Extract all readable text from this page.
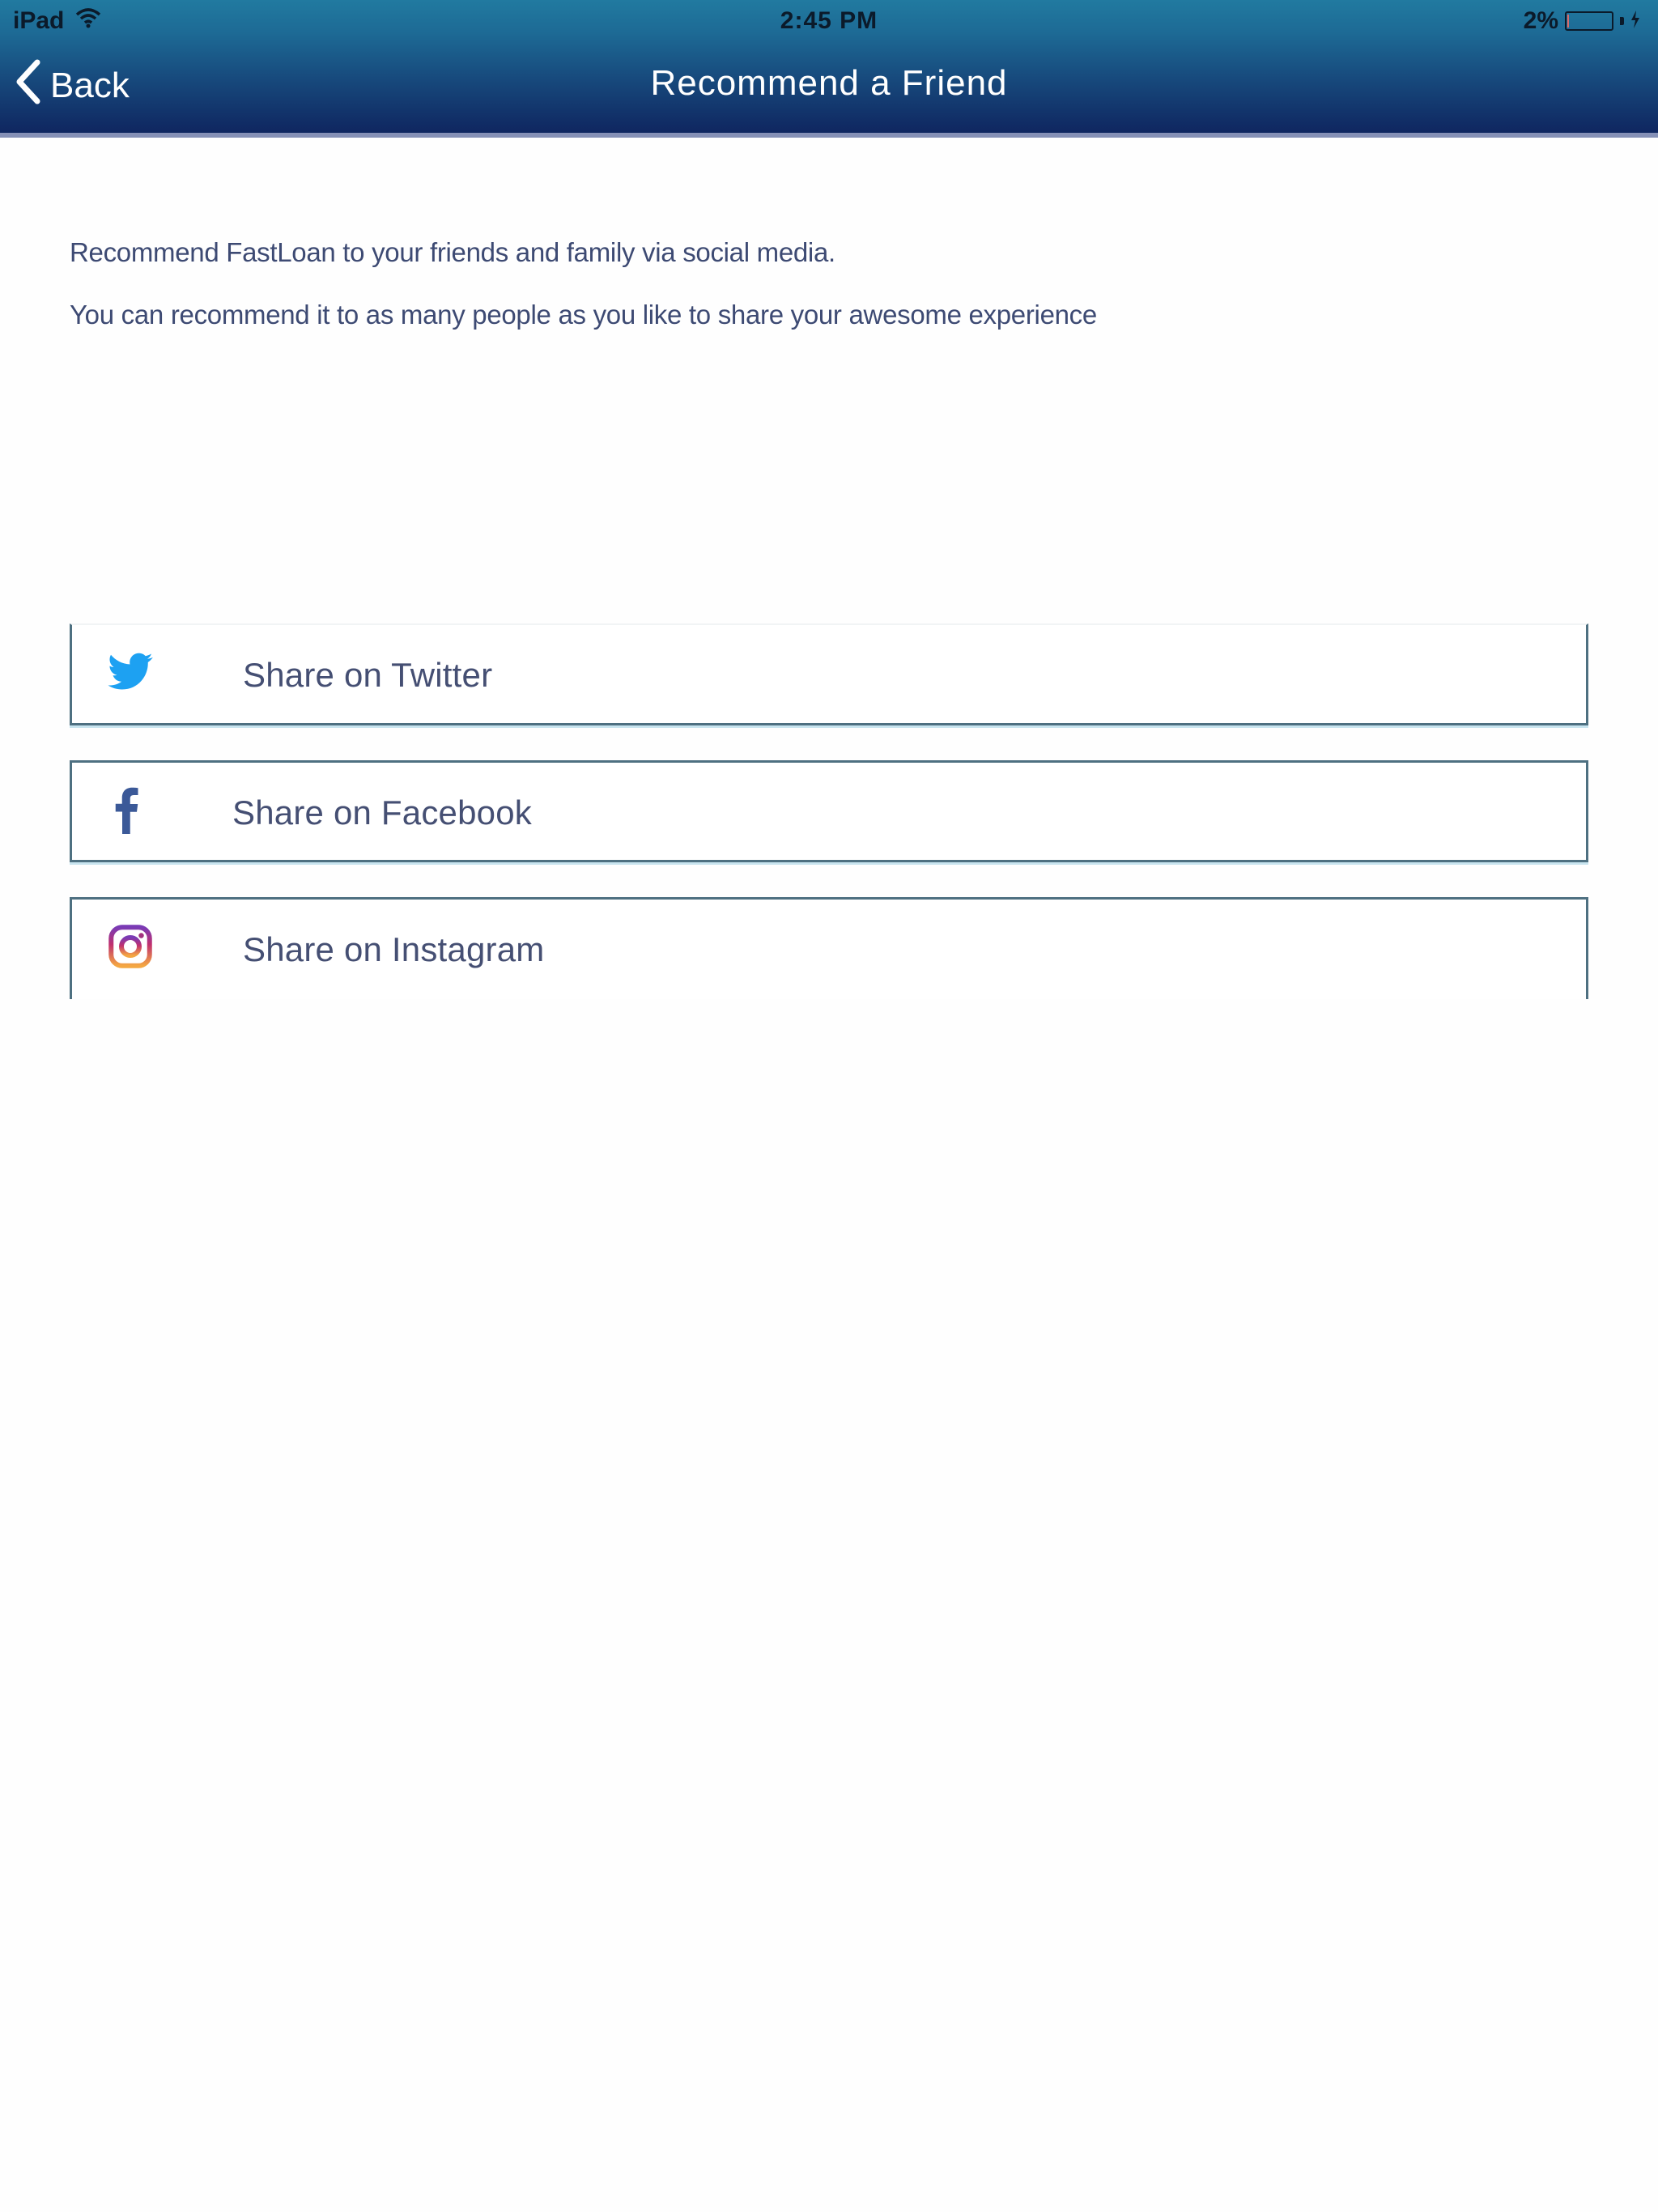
iPad	2:45 PM	2%
Back	Recommend a Friend

Recommend FastLoan to your friends and family via social media.

You can recommend it to as many people as you like to share your awesome experience

Share on Twitter
Share on Facebook
Share on Instagram
